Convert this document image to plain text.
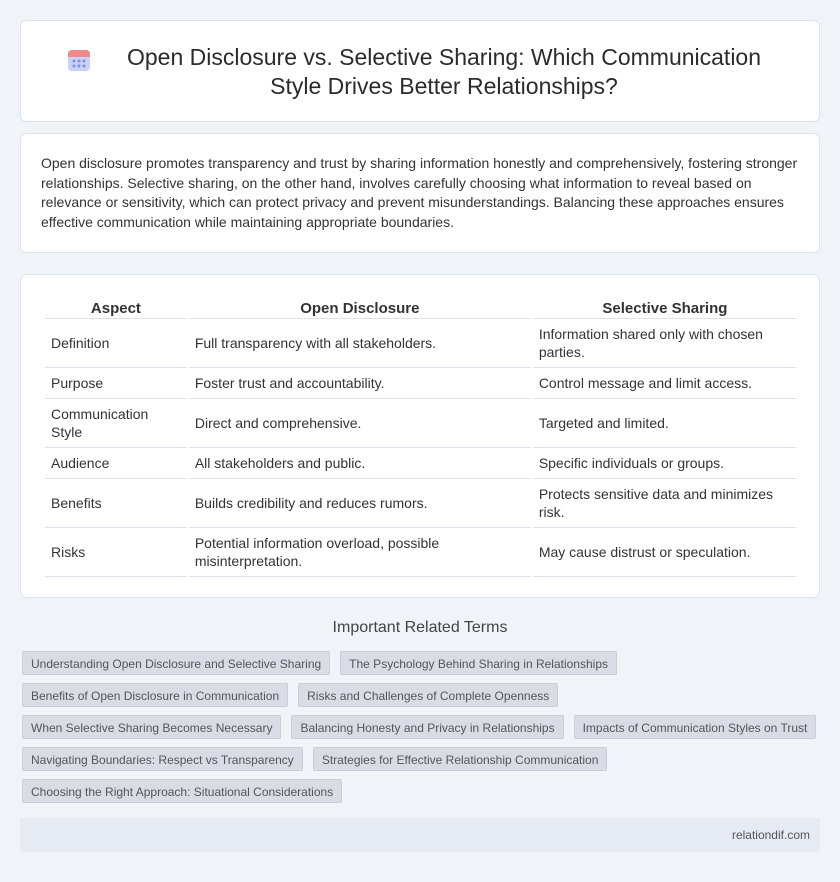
Open Disclosure vs. Selective Sharing: Which Communication Style Drives Better Relationships?

Open disclosure promotes transparency and trust by sharing information honestly and comprehensively, fostering stronger relationships. Selective sharing, on the other hand, involves carefully choosing what information to reveal based on relevance or sensitivity, which can protect privacy and prevent misunderstandings. Balancing these approaches ensures effective communication while maintaining appropriate boundaries.

Aspect	Open Disclosure	Selective Sharing
Definition	Full transparency with all stakeholders.	Information shared only with chosen parties.
Purpose	Foster trust and accountability.	Control message and limit access.
Communication Style	Direct and comprehensive.	Targeted and limited.
Audience	All stakeholders and public.	Specific individuals or groups.
Benefits	Builds credibility and reduces rumors.	Protects sensitive data and minimizes risk.
Risks	Potential information overload, possible misinterpretation.	May cause distrust or speculation.
Important Related Terms
Understanding Open Disclosure and Selective Sharing	The Psychology Behind Sharing in Relationships
Benefits of Open Disclosure in Communication	Risks and Challenges of Complete Openness
When Selective Sharing Becomes Necessary	Balancing Honesty and Privacy in Relationships	Impacts of Communication Styles on Trust
Navigating Boundaries: Respect vs Transparency	Strategies for Effective Relationship Communication
Choosing the Right Approach: Situational Considerations
relationdif.com
